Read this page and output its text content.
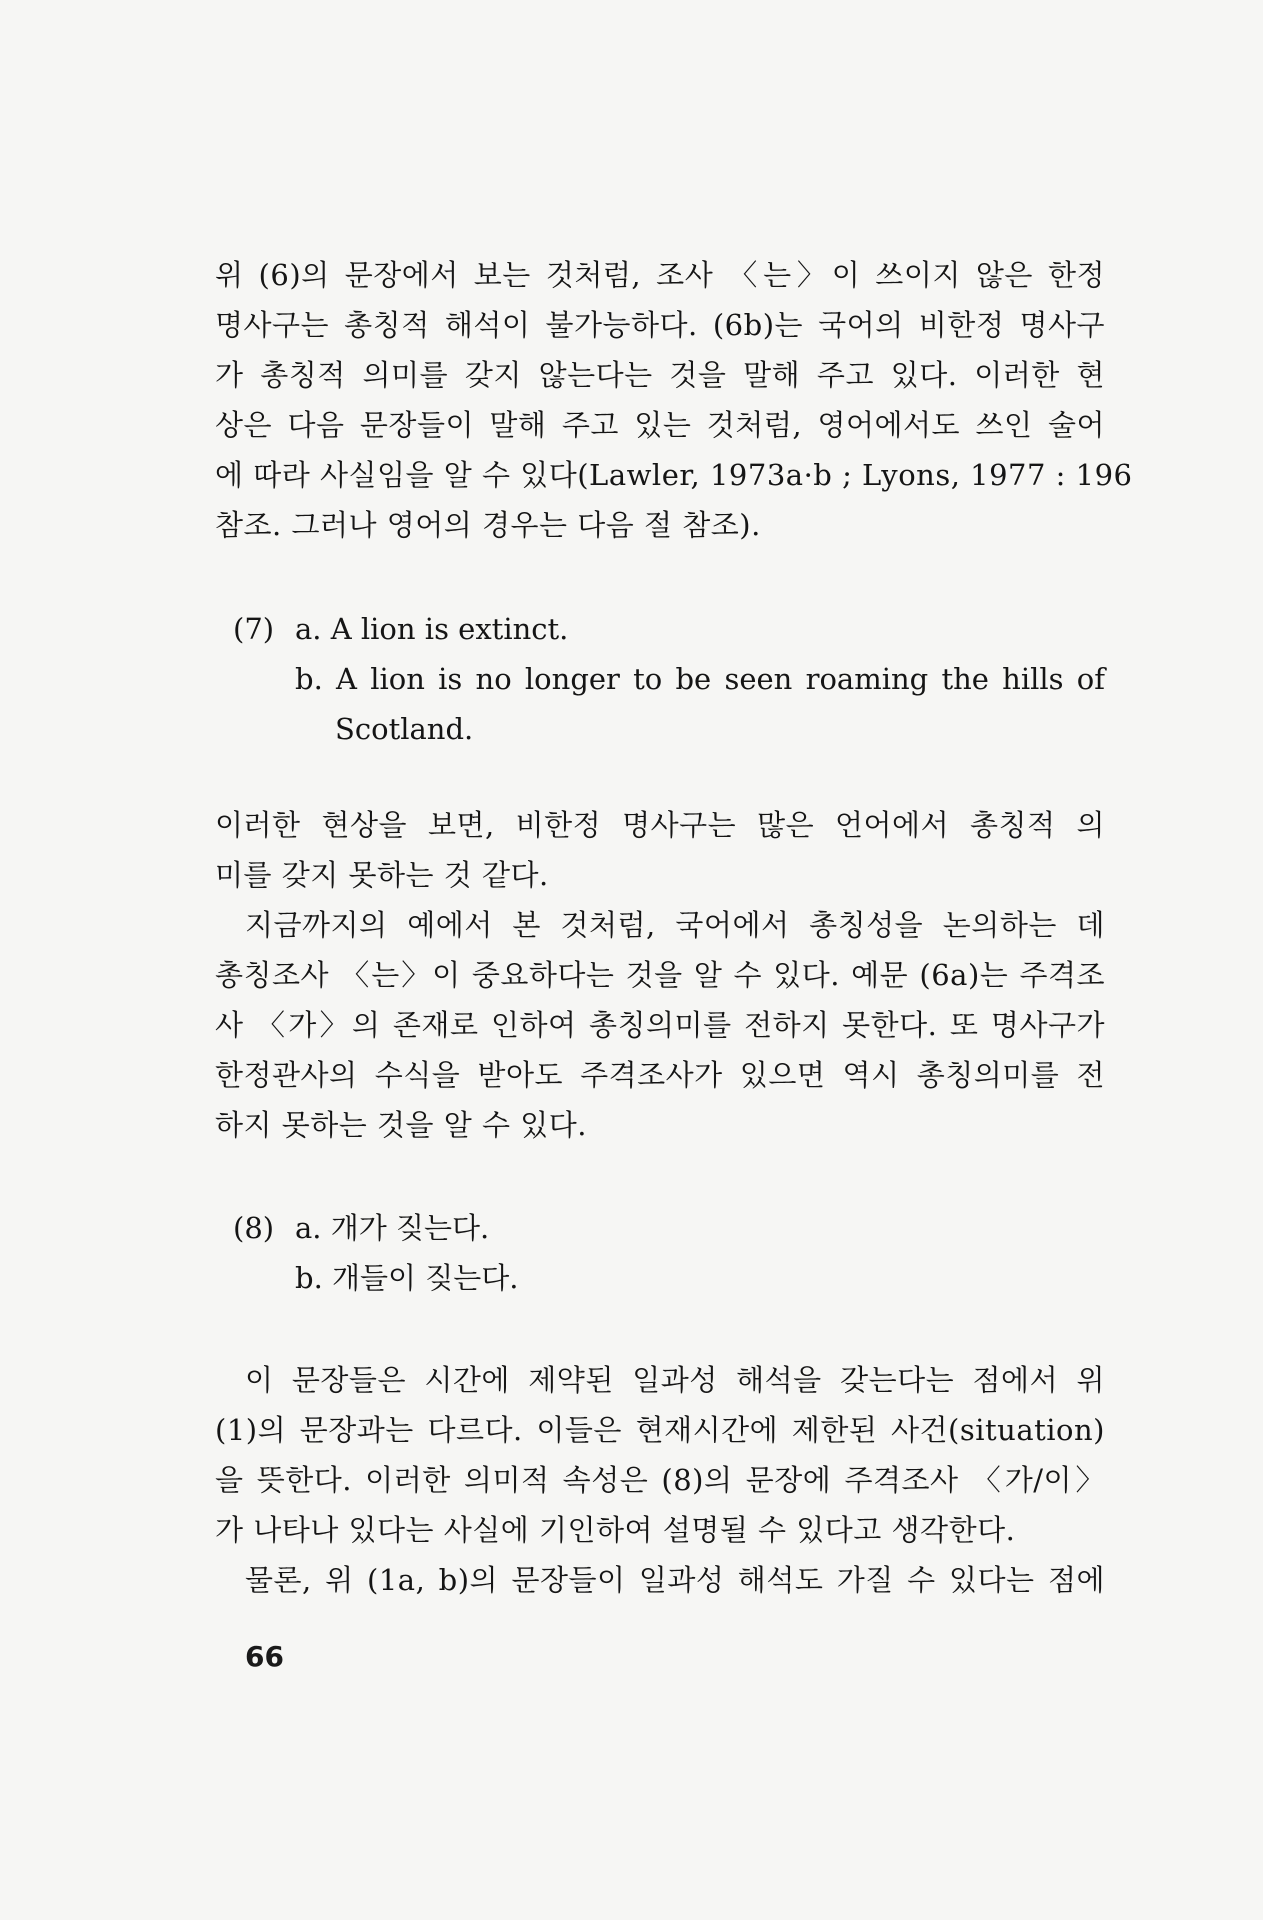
위 (6)의 문장에서 보는 것처럼, 조사 〈는〉이 쓰이지 않은 한정
명사구는 총칭적 해석이 불가능하다. (6b)는 국어의 비한정 명사구
가 총칭적 의미를 갖지 않는다는 것을 말해 주고 있다. 이러한 현
상은 다음 문장들이 말해 주고 있는 것처럼, 영어에서도 쓰인 술어
에 따라 사실임을 알 수 있다(Lawler, 1973a·b ; Lyons, 1977 : 196
참조. 그러나 영어의 경우는 다음 절 참조).
(7) a. A lion is extinct.
b. A lion is no longer to be seen roaming the hills of
Scotland.
이러한 현상을 보면, 비한정 명사구는 많은 언어에서 총칭적 의
미를 갖지 못하는 것 같다.
지금까지의 예에서 본 것처럼, 국어에서 총칭성을 논의하는 데
총칭조사 〈는〉이 중요하다는 것을 알 수 있다. 예문 (6a)는 주격조
사 〈가〉의 존재로 인하여 총칭의미를 전하지 못한다. 또 명사구가
한정관사의 수식을 받아도 주격조사가 있으면 역시 총칭의미를 전
하지 못하는 것을 알 수 있다.
(8) a. 개가 짖는다.
b. 개들이 짖는다.
이 문장들은 시간에 제약된 일과성 해석을 갖는다는 점에서 위
(1)의 문장과는 다르다. 이들은 현재시간에 제한된 사건(situation)
을 뜻한다. 이러한 의미적 속성은 (8)의 문장에 주격조사 〈가/이〉
가 나타나 있다는 사실에 기인하여 설명될 수 있다고 생각한다.
물론, 위 (1a, b)의 문장들이 일과성 해석도 가질 수 있다는 점에
66
